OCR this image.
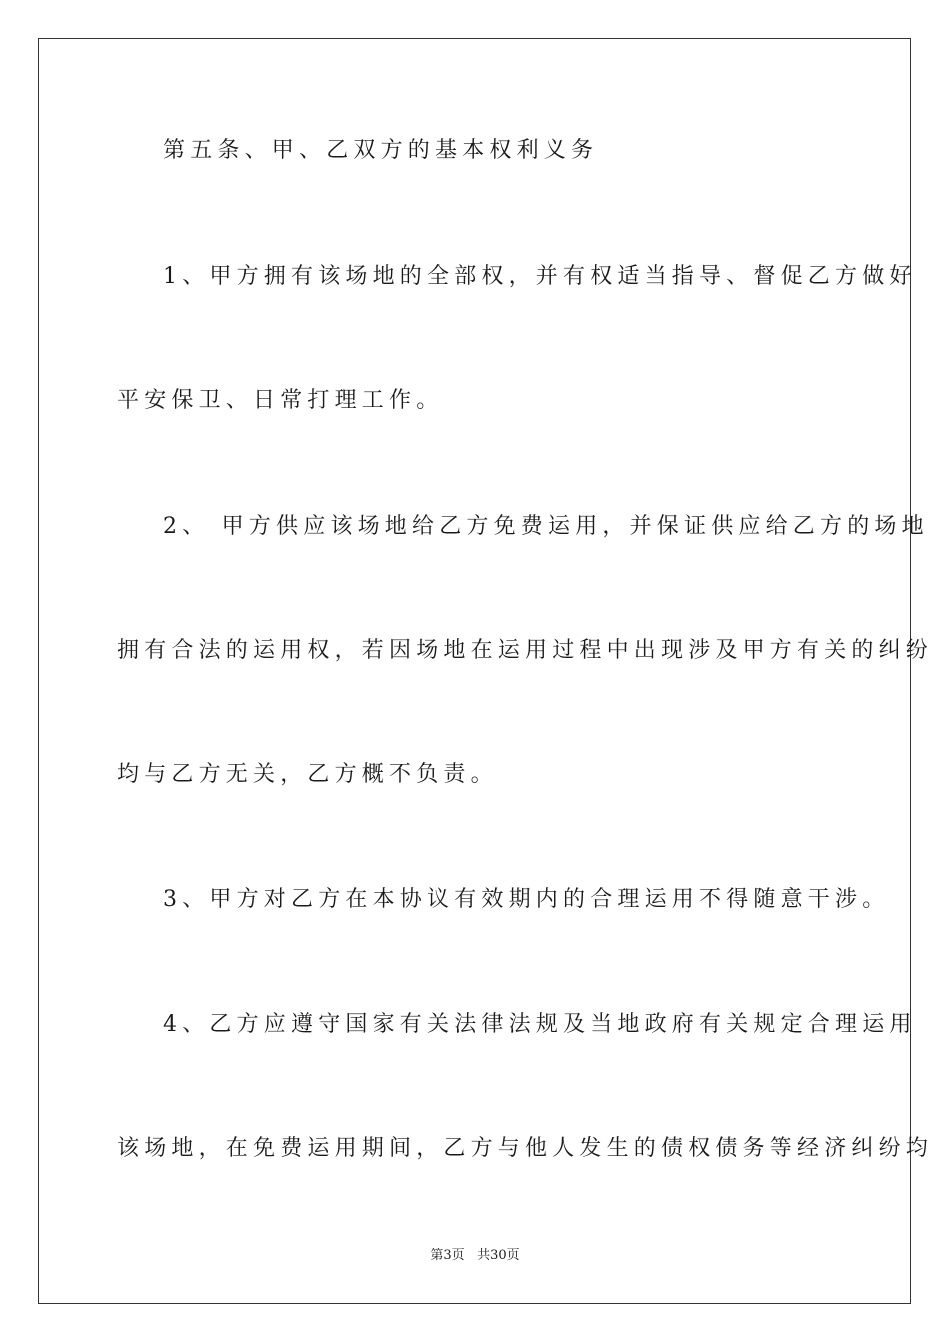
第五条、甲、乙双方的基本权利义务
1、甲方拥有该场地的全部权，并有权适当指导、督促乙方做好
平安保卫、日常打理工作。
2、 甲方供应该场地给乙方免费运用，并保证供应给乙方的场地
拥有合法的运用权，若因场地在运用过程中出现涉及甲方有关的纠纷
均与乙方无关，乙方概不负责。
3、甲方对乙方在本协议有效期内的合理运用不得随意干涉。
4、乙方应遵守国家有关法律法规及当地政府有关规定合理运用
该场地，在免费运用期间，乙方与他人发生的债权债务等经济纠纷均
第3页 共30页
